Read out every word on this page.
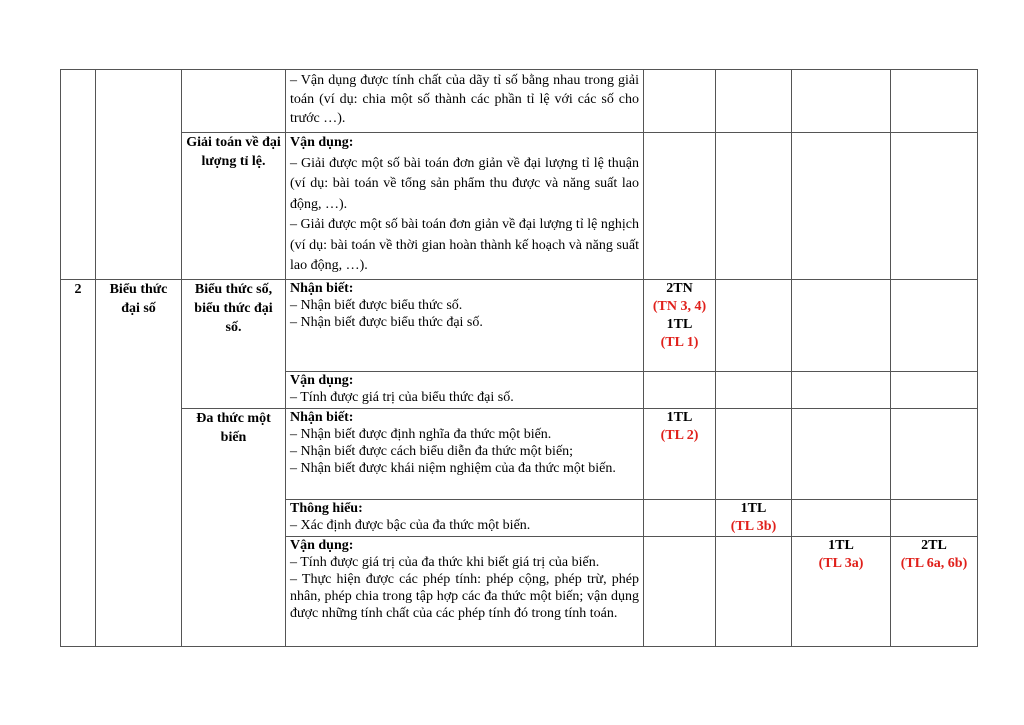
			– Vận dụng được tính chất của dãy tỉ số bằng nhau trong giải toán (ví dụ: chia một số thành các phần tỉ lệ với các số cho trước …).				

		Giải toán về đại lượng tỉ lệ.	Vận dụng:
– Giải được một số bài toán đơn giản về đại lượng tỉ lệ thuận (ví dụ: bài toán về tổng sản phẩm thu được và năng suất lao động, …).
– Giải được một số bài toán đơn giản về đại lượng tỉ lệ nghịch (ví dụ: bài toán về thời gian hoàn thành kế hoạch và năng suất lao động, …).				

2	Biểu thức đại số	Biểu thức số, biểu thức đại số.	Nhận biết:
– Nhận biết được biểu thức số.
– Nhận biết được biểu thức đại số.	2TN
(TN 3, 4)
1TL
(TL 1)			

			Vận dụng:
– Tính được giá trị của biểu thức đại số.				

		Đa thức một biến	Nhận biết:
– Nhận biết được định nghĩa đa thức một biến.
– Nhận biết được cách biểu diễn đa thức một biến;
– Nhận biết được khái niệm nghiệm của đa thức một biến.	1TL
(TL 2)			

			Thông hiểu:
– Xác định được bậc của đa thức một biến.		1TL
(TL 3b)		

			Vận dụng:
– Tính được giá trị của đa thức khi biết giá trị của biến.
– Thực hiện được các phép tính: phép cộng, phép trừ, phép nhân, phép chia trong tập hợp các đa thức một biến; vận dụng được những tính chất của các phép tính đó trong tính toán.			1TL
(TL 3a)	2TL
(TL 6a, 6b)
